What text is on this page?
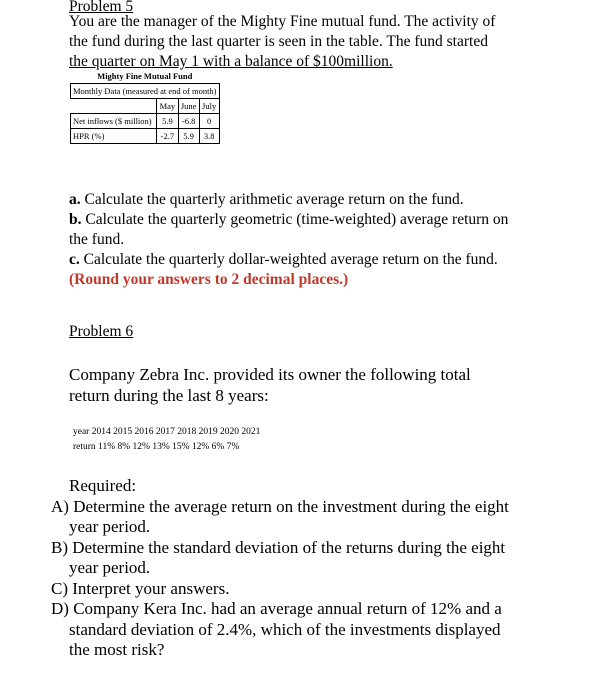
Problem 5
You are the manager of the Mighty Fine mutual fund. The activity of
the fund during the last quarter is seen in the table. The fund started
the quarter on May 1 with a balance of $100million.
Mighty Fine Mutual Fund			
Monthly Data (measured at end of month)			
	May	June	July
Net inflows ($ million)	5.9	-6.8	0
HPR (%)	-2.7	5.9	3.8
a. Calculate the quarterly arithmetic average return on the fund.
b. Calculate the quarterly geometric (time-weighted) average return on
the fund.
c. Calculate the quarterly dollar-weighted average return on the fund.
(Round your answers to 2 decimal places.)
Problem 6
Company Zebra Inc. provided its owner the following total
return during the last 8 years:
year 2014 2015 2016 2017 2018 2019 2020 2021
return 11% 8% 12% 13% 15% 12% 6% 7%
Required:
A) Determine the average return on the investment during the eight
year period.
B) Determine the standard deviation of the returns during the eight
year period.
C) Interpret your answers.
D) Company Kera Inc. had an average annual return of 12% and a
standard deviation of 2.4%, which of the investments displayed
the most risk?
